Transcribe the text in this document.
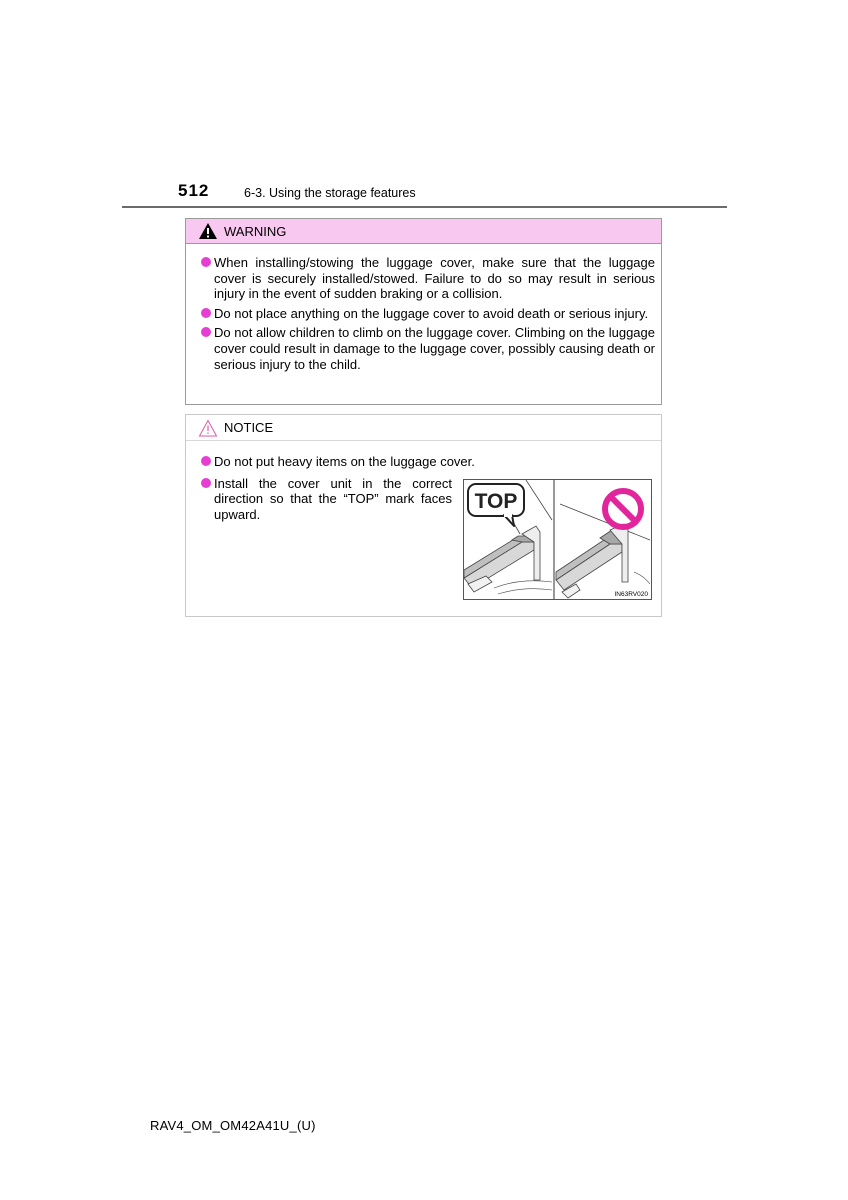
512	6-3. Using the storage features
WARNING
When installing/stowing the luggage cover, make sure that the luggage cover is securely installed/stowed. Failure to do so may result in serious injury in the event of sudden braking or a collision.
Do not place anything on the luggage cover to avoid death or serious injury.
Do not allow children to climb on the luggage cover. Climbing on the luggage cover could result in damage to the luggage cover, possibly causing death or serious injury to the child.
NOTICE
Do not put heavy items on the luggage cover.
Install the cover unit in the correct direction so that the “TOP” mark faces upward.
TOP
IN63RV020
RAV4_OM_OM42A41U_(U)
